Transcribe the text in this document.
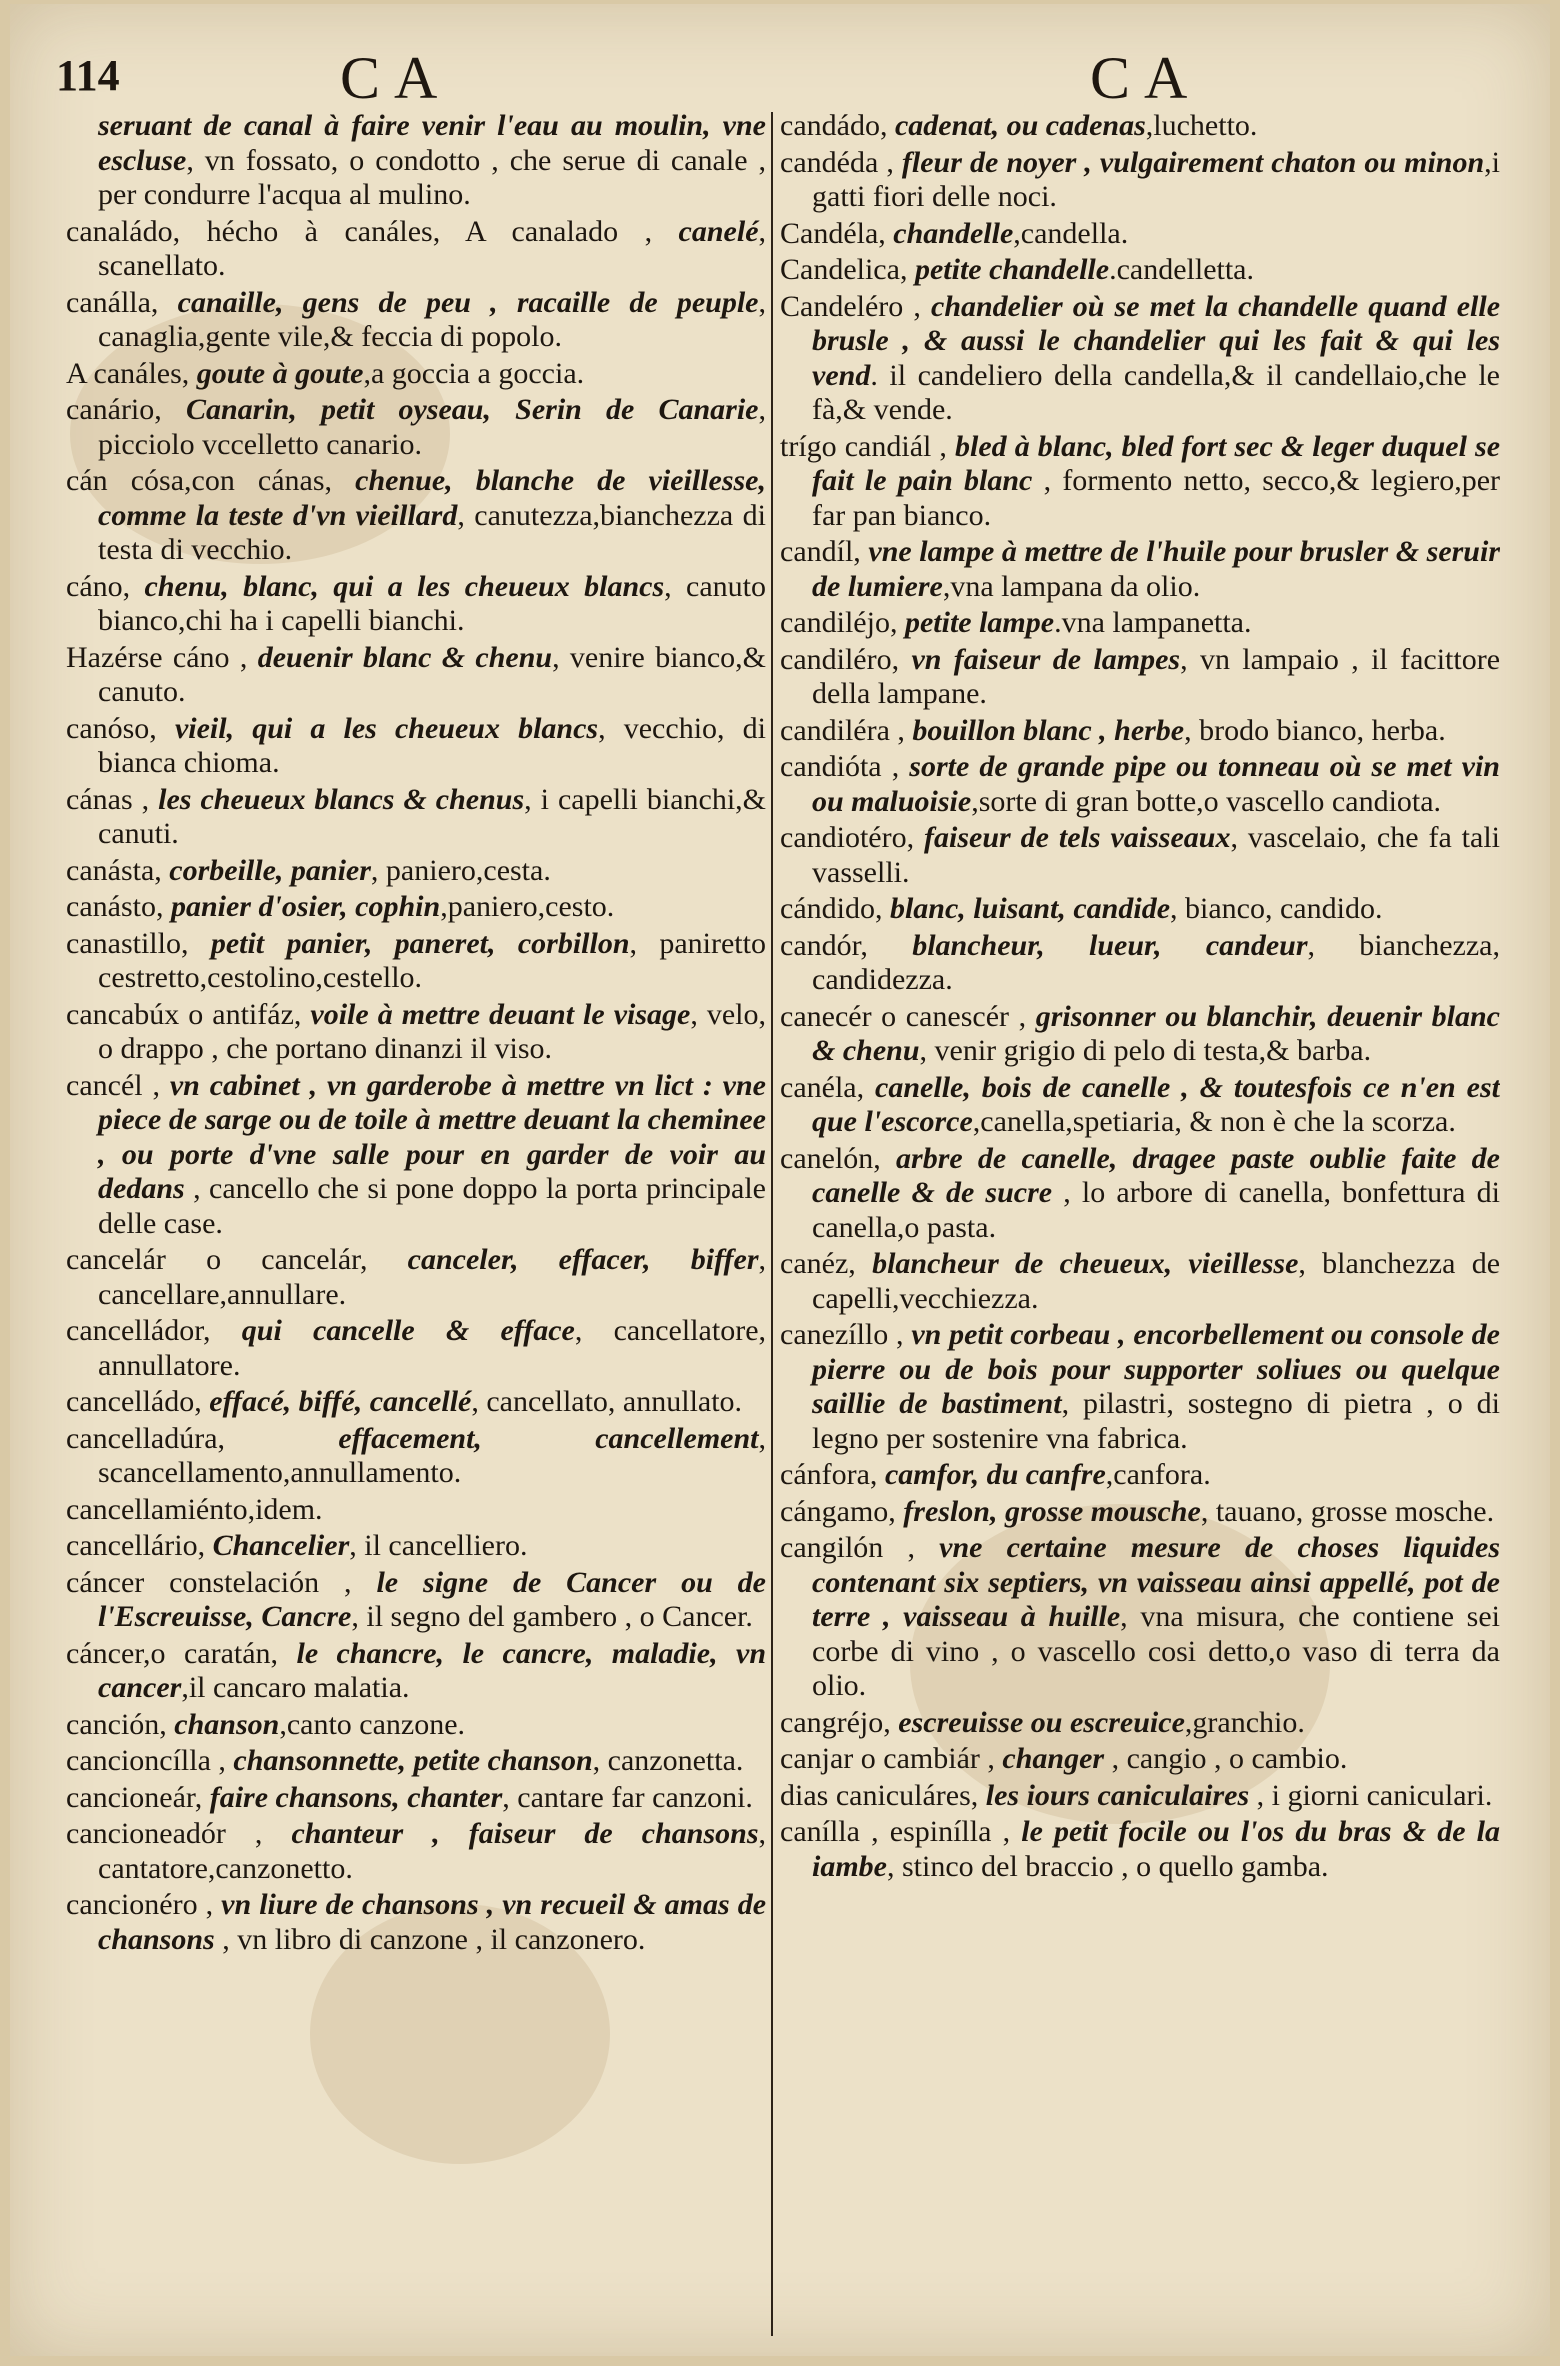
114	CA	CA

seruant de canal à faire venir l'eau au moulin, vne escluse, vn fossato, o condotto , che serue di canale , per condurre l'acqua al mulino.

canaládo, hécho à canáles, A canalado , canelé, scanellato.

canálla, canaille, gens de peu , racaille de peuple, canaglia,gente vile,& feccia di popolo.

A canáles, goute à goute,a goccia a goccia.

canário, Canarin, petit oyseau, Serin de Canarie, picciolo vccelletto canario.

cán cósa,con cánas, chenue, blanche de vieillesse, comme la teste d'vn vieillard, canutezza,bianchezza di testa di vecchio.

cáno, chenu, blanc, qui a les cheueux blancs, canuto bianco,chi ha i capelli bianchi.

Hazérse cáno , deuenir blanc & chenu, venire bianco,& canuto.

canóso, vieil, qui a les cheueux blancs, vecchio, di bianca chioma.

cánas , les cheueux blancs & chenus, i capelli bianchi,& canuti.

canásta, corbeille, panier, paniero,cesta.

canásto, panier d'osier, cophin,paniero,cesto.

canastillo, petit panier, paneret, corbillon, paniretto cestretto,cestolino,cestello.

cancabúx o antifáz, voile à mettre deuant le visage, velo, o drappo , che portano dinanzi il viso.

cancél , vn cabinet , vn garderobe à mettre vn lict : vne piece de sarge ou de toile à mettre deuant la cheminee , ou porte d'vne salle pour en garder de voir au dedans , cancello che si pone doppo la porta principale delle case.

cancelár o cancelár, canceler, effacer, biffer, cancellare,annullare.

cancelládor, qui cancelle & efface, cancellatore, annullatore.

cancelládo, effacé, biffé, cancellé, cancellato, annullato.

cancelladúra,	effacement, cancellement, scancellamento,annullamento.

cancellamiénto,idem.

cancellário, Chancelier, il cancelliero.

cáncer constelación , le signe de Cancer ou de l'Escreuisse, Cancre, il segno del gambero , o Cancer.

cáncer,o caratán, le chancre, le cancre, maladie, vn cancer,il cancaro malatia.

canción, chanson,canto canzone.

cancioncílla , chansonnette, petite chanson, canzonetta.

cancioneár, faire chansons, chanter, cantare far canzoni.

cancioneadór , chanteur , faiseur de chansons, cantatore,canzonetto.

cancionéro , vn liure de chansons , vn recueil & amas de chansons , vn libro di canzone , il canzonero.

candádo, cadenat, ou cadenas,luchetto.

candéda , fleur de noyer , vulgairement chaton ou minon,i gatti fiori delle noci.

Candéla, chandelle,candella.

Candelica, petite chandelle.candelletta.

Candeléro , chandelier où se met la chandelle quand elle brusle , & aussi le chandelier qui les fait & qui les vend. il candeliero della candella,& il candellaio,che le fà,& vende.

trígo candiál , bled à blanc, bled fort sec & leger duquel se fait le pain blanc , formento netto, secco,& legiero,per far pan bianco.

candíl, vne lampe à mettre de l'huile pour brusler & seruir de lumiere,vna lampana da olio.

candiléjo, petite lampe.vna lampanetta.

candiléro, vn faiseur de lampes, vn lampaio , il facittore della lampane.

candiléra , bouillon blanc , herbe, brodo bianco, herba.

candióta , sorte de grande pipe ou tonneau où se met vin ou maluoisie,sorte di gran botte,o vascello candiota.

candiotéro, faiseur de tels vaisseaux, vascelaio, che fa tali vasselli.

cándido, blanc, luisant, candide, bianco, candido.

candór, blancheur, lueur, candeur, bianchezza, candidezza.

canecér o canescér , grisonner ou blanchir, deuenir blanc & chenu, venir grigio di pelo di testa,& barba.

canéla, canelle, bois de canelle , & toutesfois ce n'en est que l'escorce,canella,spetiaria, & non è che la scorza.

canelón, arbre de canelle, dragee paste oublie faite de canelle & de sucre , lo arbore di canella, bonfettura di canella,o pasta.

canéz, blancheur de cheueux, vieillesse, blanchezza de capelli,vecchiezza.

canezíllo , vn petit corbeau , encorbellement ou console de pierre ou de bois pour supporter soliues ou quelque saillie de bastiment, pilastri, sostegno di pietra , o di legno per sostenire vna fabrica.

cánfora, camfor, du canfre,canfora.

cángamo, freslon, grosse mousche, tauano, grosse mosche.

cangilón , vne certaine mesure de choses liquides contenant six septiers, vn vaisseau ainsi appellé, pot de terre , vaisseau à huille, vna misura, che contiene sei corbe di vino , o vascello cosi detto,o vaso di terra da olio.

cangréjo, escreuisse ou escreuice,granchio.

canjar o cambiár , changer , cangio , o cambio.

dias caniculáres, les iours caniculaires , i giorni caniculari.

canílla , espinílla , le petit focile ou l'os du bras & de la iambe, stinco del braccio , o quello gamba.
